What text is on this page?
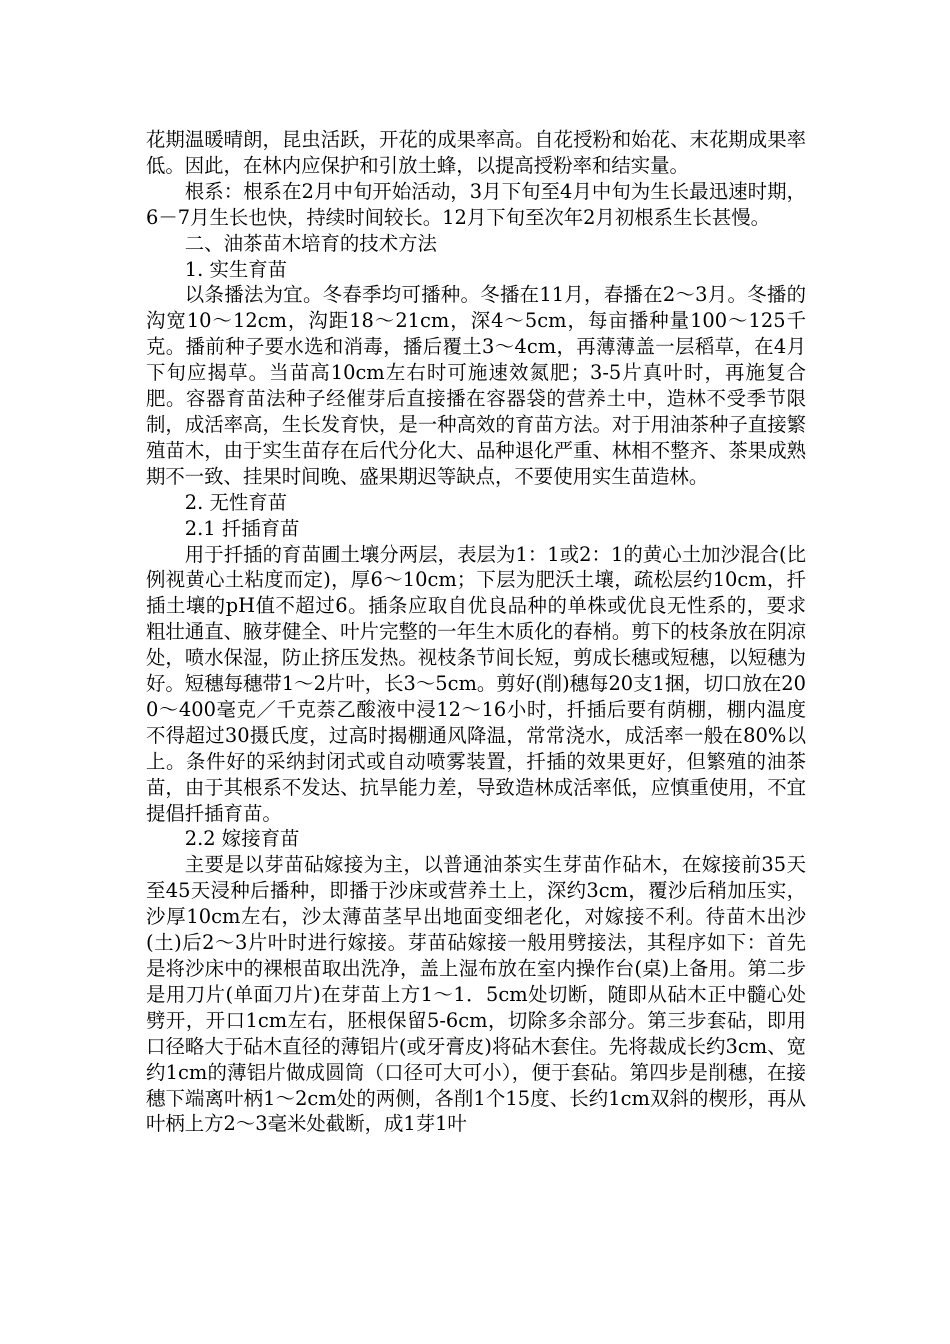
花期温暖晴朗，昆虫活跃，开花的成果率高。自花授粉和始花、末花期成果率低。因此，在林内应保护和引放土蜂，以提高授粉率和结实量。

根系：根系在2月中旬开始活动，3月下旬至4月中旬为生长最迅速时期，6－7月生长也快，持续时间较长。12月下旬至次年2月初根系生长甚慢。

二、油茶苗木培育的技术方法

1. 实生育苗

以条播法为宜。冬春季均可播种。冬播在11月，春播在2～3月。冬播的沟宽10～12cm，沟距18～21cm，深4～5cm，每亩播种量100～125千克。播前种子要水选和消毒，播后覆土3～4cm，再薄薄盖一层稻草，在4月下旬应揭草。当苗高10cm左右时可施速效氮肥；3-5片真叶时，再施复合肥。容器育苗法种子经催芽后直接播在容器袋的营养土中，造林不受季节限制，成活率高，生长发育快，是一种高效的育苗方法。对于用油茶种子直接繁殖苗木，由于实生苗存在后代分化大、品种退化严重、林相不整齐、茶果成熟期不一致、挂果时间晚、盛果期迟等缺点，不要使用实生苗造林。

2. 无性育苗

2.1 扦插育苗

用于扦插的育苗圃土壤分两层，表层为1：1或2：1的黄心土加沙混合(比例视黄心土粘度而定)，厚6～10cm；下层为肥沃土壤，疏松层约10cm，扦插土壤的pH值不超过6。插条应取自优良品种的单株或优良无性系的，要求粗壮通直、腋芽健全、叶片完整的一年生木质化的春梢。剪下的枝条放在阴凉处，喷水保湿，防止挤压发热。视枝条节间长短，剪成长穗或短穗，以短穗为好。短穗每穗带1～2片叶，长3～5cm。剪好(削)穗每20支1捆，切口放在200～400毫克／千克萘乙酸液中浸12～16小时，扦插后要有荫棚，棚内温度不得超过30摄氏度，过高时揭棚通风降温，常常浇水，成活率一般在80%以上。条件好的采纳封闭式或自动喷雾装置，扦插的效果更好，但繁殖的油茶苗，由于其根系不发达、抗旱能力差，导致造林成活率低，应慎重使用，不宜提倡扦插育苗。

2.2 嫁接育苗

主要是以芽苗砧嫁接为主，以普通油茶实生芽苗作砧木，在嫁接前35天至45天浸种后播种，即播于沙床或营养土上，深约3cm，覆沙后稍加压实，沙厚10cm左右，沙太薄苗茎早出地面变细老化，对嫁接不利。待苗木出沙(土)后2～3片叶时进行嫁接。芽苗砧嫁接一般用劈接法，其程序如下：首先是将沙床中的裸根苗取出洗净，盖上湿布放在室内操作台(桌)上备用。第二步是用刀片(单面刀片)在芽苗上方1～1．5cm处切断，随即从砧木正中髓心处劈开，开口1cm左右，胚根保留5-6cm，切除多余部分。第三步套砧，即用口径略大于砧木直径的薄铝片(或牙膏皮)将砧木套住。先将裁成长约3cm、宽约1cm的薄铝片做成圆筒（口径可大可小），便于套砧。第四步是削穗，在接穗下端离叶柄1～2cm处的两侧，各削1个15度、长约1cm双斜的楔形，再从叶柄上方2～3毫米处截断，成1芽1叶
